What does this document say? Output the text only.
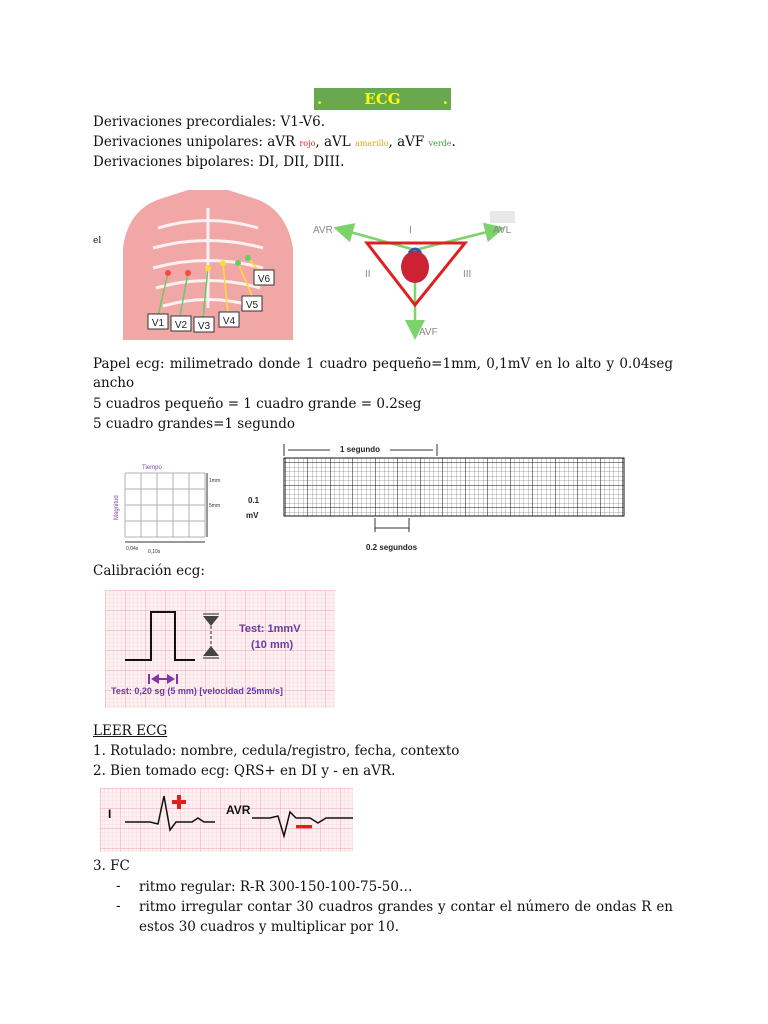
.	ECG	.
Derivaciones precordiales: V1-V6.
Derivaciones unipolares: aVR rojo, aVL amarillo, aVF verde.
Derivaciones bipolares: DI, DII, DIII.
el
V1 V2 V3 V4
V5
V6
AVR	AVL
AVF
I
II	III
Papel ecg: milimetrado donde 1 cuadro pequeño=1mm, 0,1mV en lo alto y 0.04seg ancho
5 cuadros pequeño = 1 cuadro grande = 0.2seg
5 cuadro grandes=1 segundo
Tiempo
Magnitud
1mm
5mm
0,04s 0,10s
1 segundo
0.1
mV
0.2 segundos
Calibración ecg:
Test: 1mmV
(10 mm)
Test: 0,20 sg (5 mm) [velocidad 25mm/s]
LEER ECG
1. Rotulado: nombre, cedula/registro, fecha, contexto
2. Bien tomado ecg: QRS+ en DI y - en aVR.
I	AVR
3. FC
- ritmo regular: R-R 300-150-100-75-50…
- ritmo irregular contar 30 cuadros grandes y contar el número de ondas R en estos 30 cuadros y multiplicar por 10.
